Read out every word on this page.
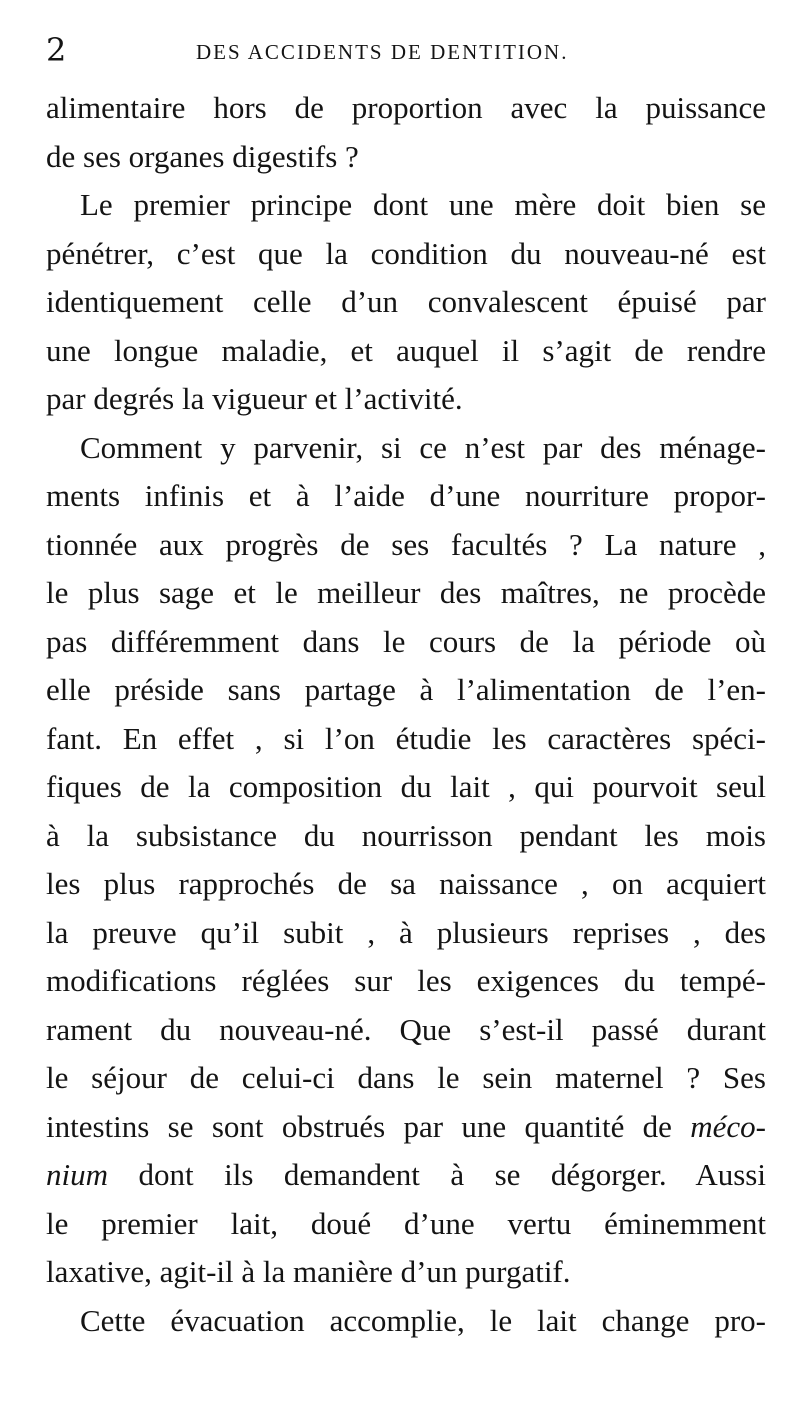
2	DES ACCIDENTS DE DENTITION.
alimentaire hors de proportion avec la puissance
de ses organes digestifs ?
Le premier principe dont une mère doit bien se
pénétrer, c’est que la condition du nouveau-né est
identiquement celle d’un convalescent épuisé par
une longue maladie, et auquel il s’agit de rendre
par degrés la vigueur et l’activité.
Comment y parvenir, si ce n’est par des ménage-
ments infinis et à l’aide d’une nourriture propor-
tionnée aux progrès de ses facultés ? La nature ,
le plus sage et le meilleur des maîtres, ne procède
pas différemment dans le cours de la période où
elle préside sans partage à l’alimentation de l’en-
fant. En effet , si l’on étudie les caractères spéci-
fiques de la composition du lait , qui pourvoit seul
à la subsistance du nourrisson pendant les mois
les plus rapprochés de sa naissance , on acquiert
la preuve qu’il subit , à plusieurs reprises , des
modifications réglées sur les exigences du tempé-
rament du nouveau-né. Que s’est-il passé durant
le séjour de celui-ci dans le sein maternel ? Ses
intestins se sont obstrués par une quantité de méco-
nium dont ils demandent à se dégorger. Aussi
le premier lait, doué d’une vertu éminemment
laxative, agit-il à la manière d’un purgatif.
Cette évacuation accomplie, le lait change pro-
